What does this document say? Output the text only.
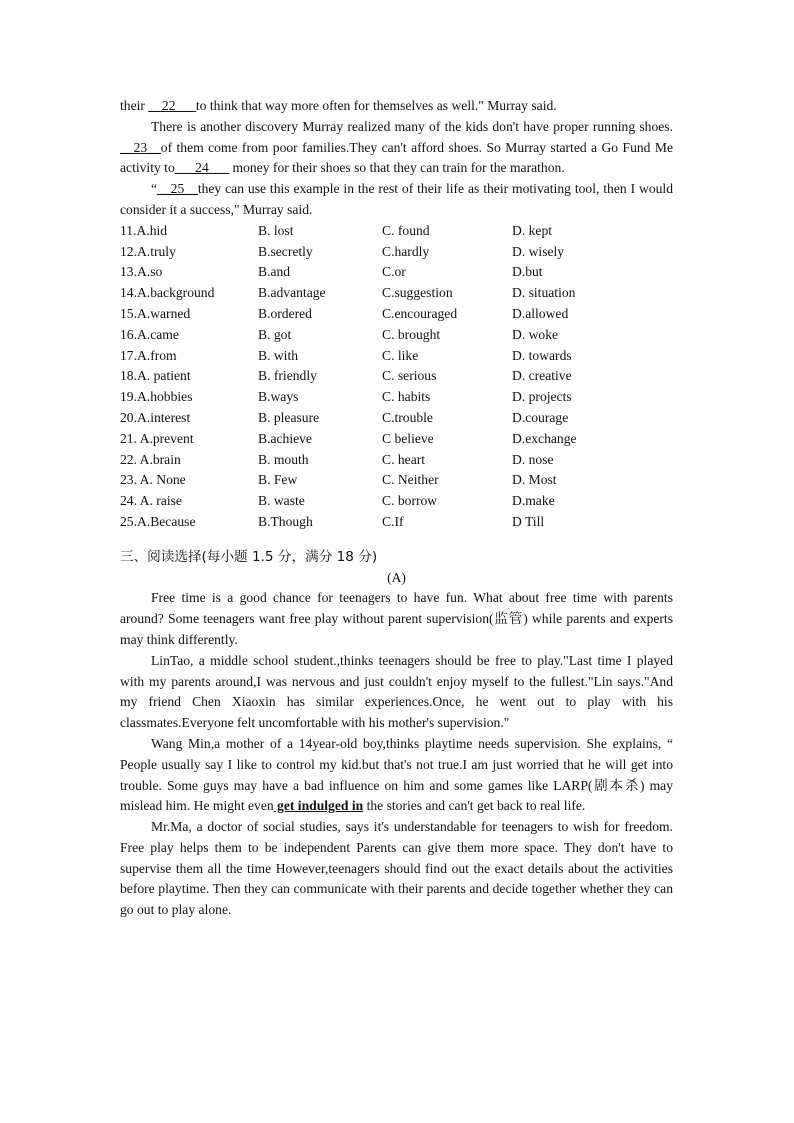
their __22___to think that way more often for themselves as well." Murray said.

There is another discovery Murray realized many of the kids don't have proper running shoes. __23__of them come from poor families.They can't afford shoes. So Murray started a Go Fund Me activity to___24___ money for their shoes so that they can train for the marathon.

“__25__they can use this example in the rest of their life as their motivating tool, then I would consider it a success," Murray said.

11.A.hid	B. lost	C. found	D. kept
12.A.truly	B.secretly	C.hardly	D. wisely
13.A.so	B.and	C.or	D.but
14.A.background	B.advantage	C.suggestion	D. situation
15.A.warned	B.ordered	C.encouraged	D.allowed
16.A.came	B. got	C. brought	D. woke
17.A.from	B. with	C. like	D. towards
18.A. patient	B. friendly	C. serious	D. creative
19.A.hobbies	B.ways	C. habits	D. projects
20.A.interest	B. pleasure	C.trouble	D.courage
21. A.prevent	B.achieve	C believe	D.exchange
22. A.brain	B. mouth	C. heart	D. nose
23. A. None	B. Few	C. Neither	D. Most
24. A. raise	B. waste	C. borrow	D.make
25.A.Because	B.Though	C.If	D Till
三、阅读选择(每小题 1.5 分，满分 18 分)
(A)

Free time is a good chance for teenagers to have fun. What about free time with parents around? Some teenagers want free play without parent supervision(监管) while parents and experts may think differently.

LinTao, a middle school student.,thinks teenagers should be free to play."Last time I played with my parents around,I was nervous and just couldn't enjoy myself to the fullest."Lin says."And my friend Chen Xiaoxin has similar experiences.Once, he went out to play with his classmates.Everyone felt uncomfortable with his mother's supervision."

Wang Min,a mother of a 14year-old boy,thinks playtime needs supervision. She explains, “ People usually say I like to control my kid.but that's not true.I am just worried that he will get into trouble. Some guys may have a bad influence on him and some games like LARP(剧本杀) may mislead him. He might even get indulged in the stories and can't get back to real life.

Mr.Ma, a doctor of social studies, says it's understandable for teenagers to wish for freedom. Free play helps them to be independent Parents can give them more space. They don't have to supervise them all the time However,teenagers should find out the exact details about the activities before playtime. Then they can communicate with their parents and decide together whether they can go out to play alone.
